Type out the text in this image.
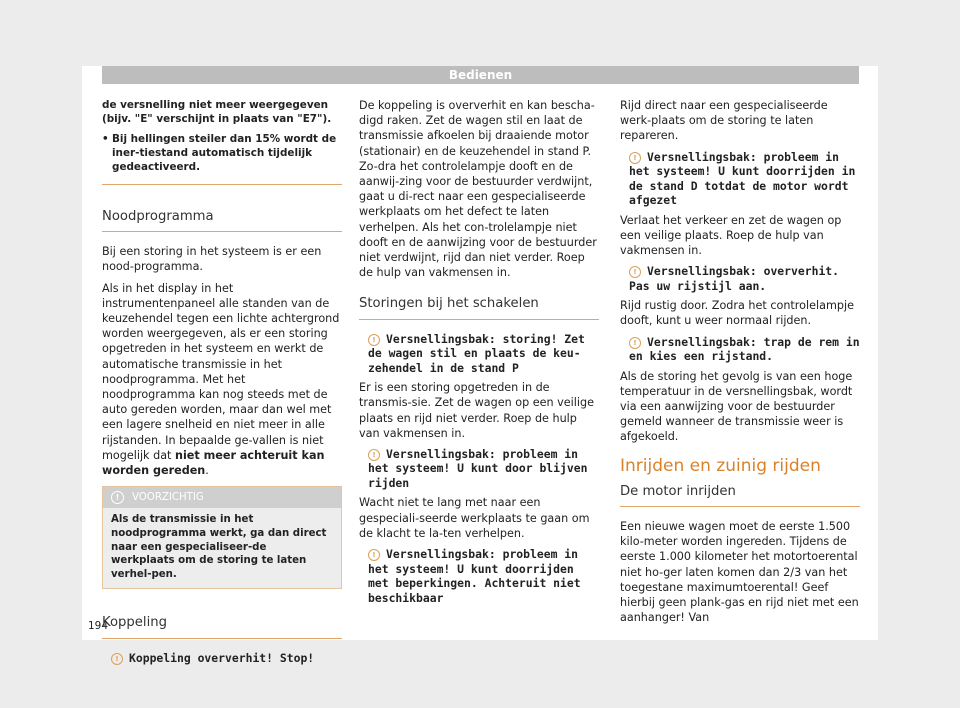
Bedienen

de versnelling niet meer weergegeven (bijv. "E" verschijnt in plaats van "E7").

• Bij hellingen steiler dan 15% wordt de iner-tiestand automatisch tijdelijk gedeactiveerd.
Noodprogramma

Bij een storing in het systeem is er een nood-programma.

Als in het display in het instrumentenpaneel alle standen van de keuzehendel tegen een lichte achtergrond worden weergegeven, als er een storing opgetreden in het systeem en werkt de automatische transmissie in het noodprogramma. Met het noodprogramma kan nog steeds met de auto gereden worden, maar dan wel met een lagere snelheid en niet meer in alle rijstanden. In bepaalde ge-vallen is niet mogelijk dat niet meer achteruit kan worden gereden.

!	VOORZICHTIG
Als de transmissie in het noodprogramma werkt, ga dan direct naar een gespecialiseer-de werkplaats om de storing te laten verhel-pen.
Koppeling
! Koppeling oververhit! Stop!

De koppeling is oververhit en kan bescha-digd raken. Zet de wagen stil en laat de transmissie afkoelen bij draaiende motor (stationair) en de keuzehendel in stand P. Zo-dra het controlelampje dooft en de aanwij-zing voor de bestuurder verdwijnt, gaat u di-rect naar een gespecialiseerde werkplaats om het defect te laten verhelpen. Als het con-trolelampje niet dooft en de aanwijzing voor de bestuurder niet verdwijnt, rijd dan niet verder. Roep de hulp van vakmensen in.

Storingen bij het schakelen
! Versnellingsbak: storing! Zet de wagen stil en plaats de keu-zehendel in de stand P

Er is een storing opgetreden in de transmis-sie. Zet de wagen op een veilige plaats en rijd niet verder. Roep de hulp van vakmensen in.

! Versnellingsbak: probleem in het systeem! U kunt door blijven rijden

Wacht niet te lang met naar een gespeciali-seerde werkplaats te gaan om de klacht te la-ten verhelpen.

! Versnellingsbak: probleem in het systeem! U kunt doorrijden met beperkingen. Achteruit niet beschikbaar

Rijd direct naar een gespecialiseerde werk-plaats om de storing te laten repareren.

! Versnellingsbak: probleem in het systeem! U kunt doorrijden in de stand D totdat de motor wordt afgezet

Verlaat het verkeer en zet de wagen op een veilige plaats. Roep de hulp van vakmensen in.

! Versnellingsbak: oververhit. Pas uw rijstijl aan.

Rijd rustig door. Zodra het controlelampje dooft, kunt u weer normaal rijden.

! Versnellingsbak: trap de rem in en kies een rijstand.

Als de storing het gevolg is van een hoge temperatuur in de versnellingsbak, wordt via een aanwijzing voor de bestuurder gemeld wanneer de transmissie weer is afgekoeld.

Inrijden en zuinig rijden
De motor inrijden

Een nieuwe wagen moet de eerste 1.500 kilo-meter worden ingereden. Tijdens de eerste 1.000 kilometer het motortoerental niet ho-ger laten komen dan 2/3 van het toegestane maximumtoerental! Geef hierbij geen plank-gas en rijd niet met een aanhanger! Van

194
